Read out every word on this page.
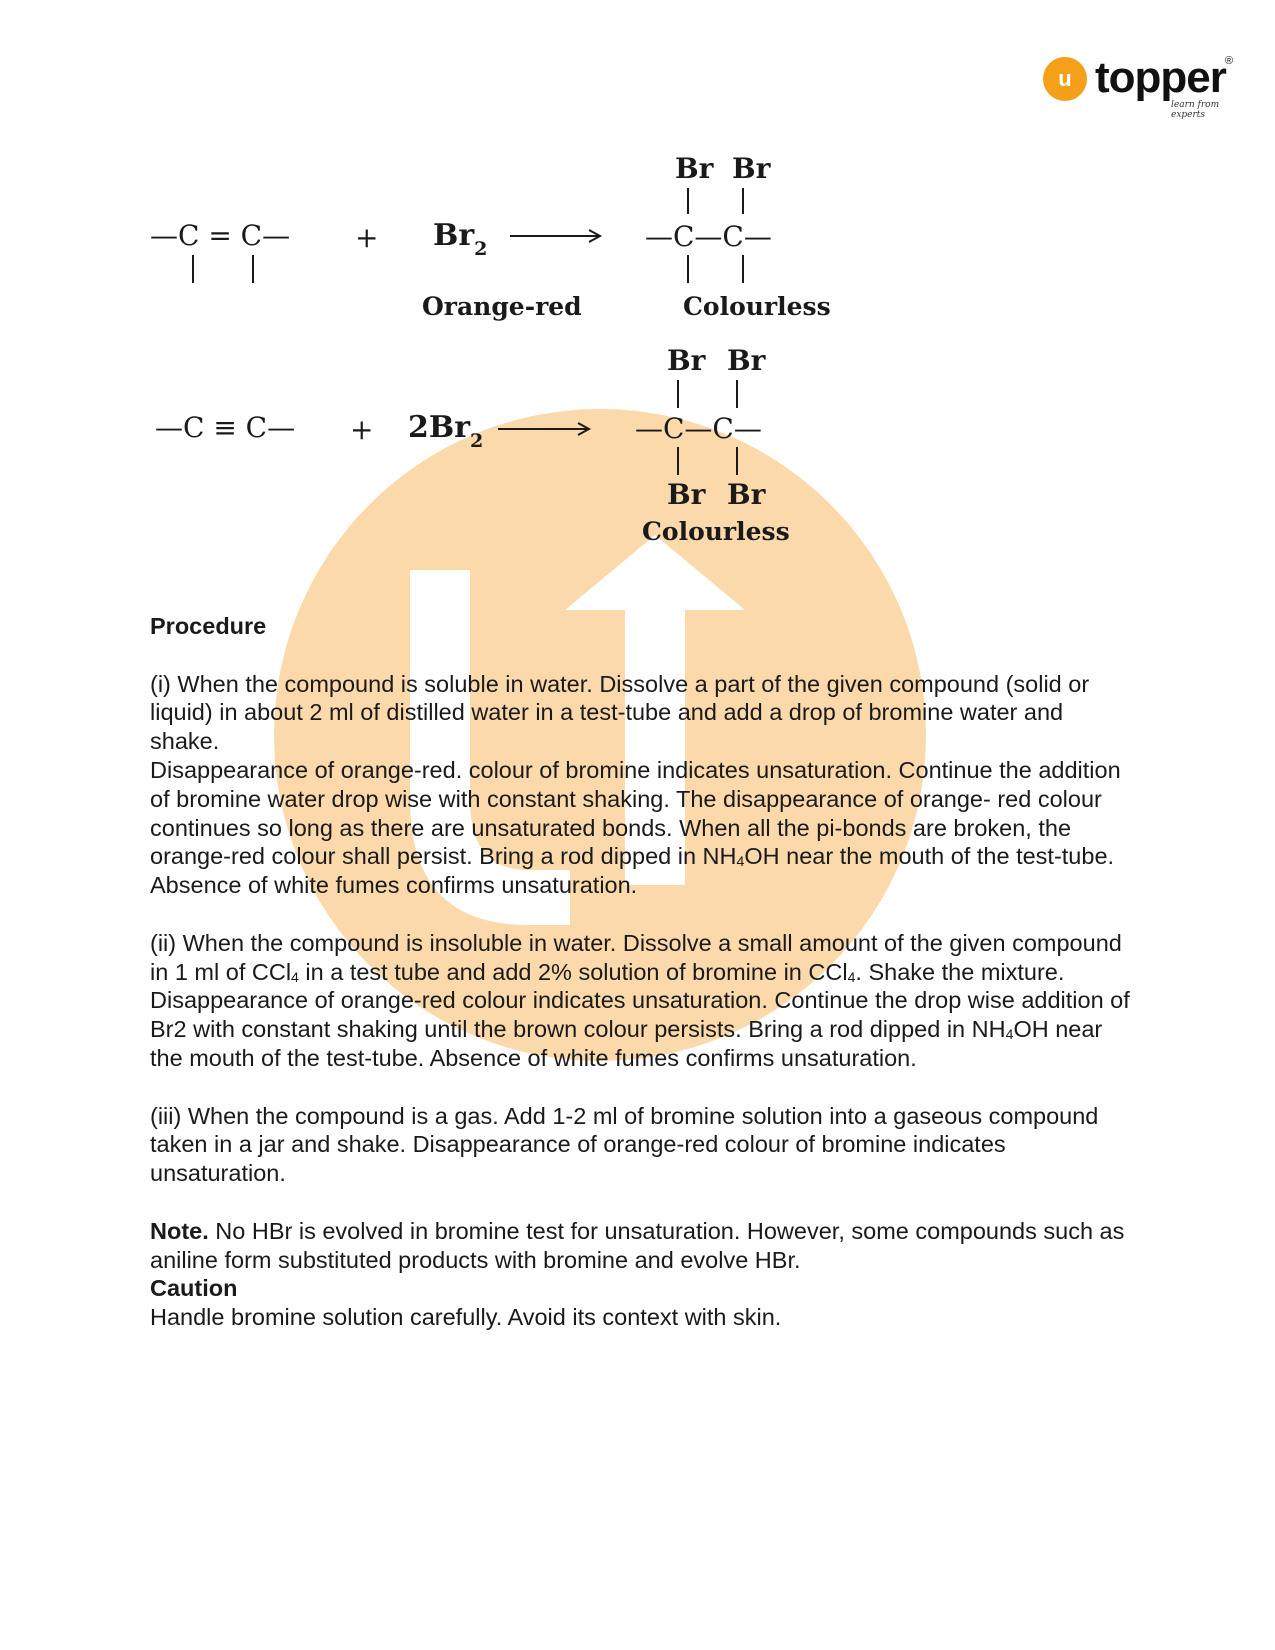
u topper ®
learn from experts
—C = C— + $Br_2$
Br Br
—C—C—
Orange-red	Colourless
Br Br
—C ≡ C— + $2Br_2$	—C—C—
Br Br
Colourless

Procedure

(i) When the compound is soluble in water. Dissolve a part of the given compound (solid or liquid) in about 2 ml of distilled water in a test-tube and add a drop of bromine water and shake.

Disappearance of orange-red. colour of bromine indicates unsaturation. Continue the addition of bromine water drop wise with constant shaking. The disappearance of orange- red colour continues so long as there are unsaturated bonds. When all the pi-bonds are broken, the orange-red colour shall persist. Bring a rod dipped in $NH_4OH$ near the mouth of the test-tube.

Absence of white fumes confirms unsaturation.

(ii) When the compound is insoluble in water. Dissolve a small amount of the given compound in 1 ml of CCl$_4$ in a test tube and add 2% solution of bromine in CCl$_4$. Shake the mixture.

Disappearance of orange-red colour indicates unsaturation. Continue the drop wise addition of Br2 with constant shaking until the brown colour persists. Bring a rod dipped in $NH_4OH$ near the mouth of the test-tube. Absence of white fumes confirms unsaturation.

(iii) When the compound is a gas. Add 1-2 ml of bromine solution into a gaseous compound taken in a jar and shake. Disappearance of orange-red colour of bromine indicates unsaturation.

Note. No HBr is evolved in bromine test for unsaturation. However, some compounds such as aniline form substituted products with bromine and evolve HBr.

Caution

Handle bromine solution carefully. Avoid its context with skin.
